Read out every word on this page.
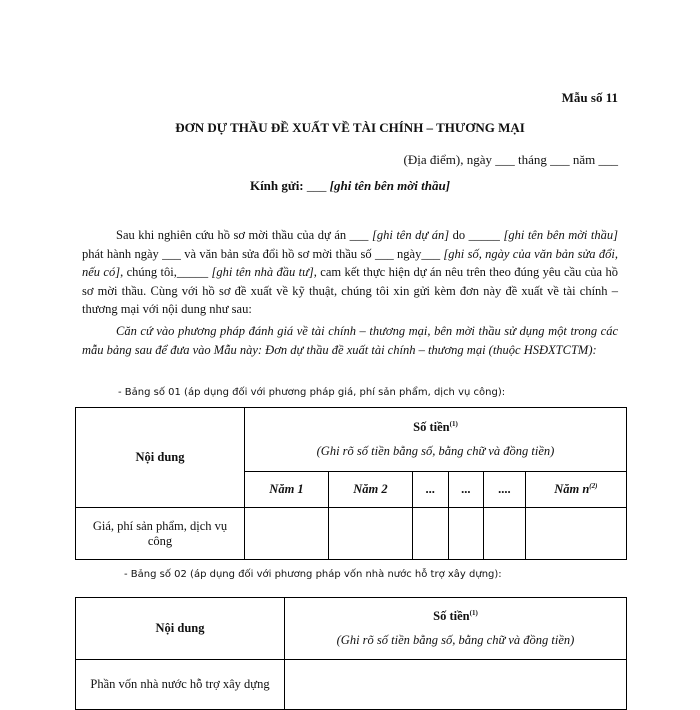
Mẫu số 11
ĐƠN DỰ THẦU ĐỀ XUẤT VỀ TÀI CHÍNH – THƯƠNG MẠI
(Địa điểm), ngày ___ tháng ___ năm ___
Kính gửi: ___ [ghi tên bên mời thầu]

Sau khi nghiên cứu hồ sơ mời thầu của dự án ___ [ghi tên dự án] do _____ [ghi tên bên mời thầu] phát hành ngày ___ và văn bản sửa đổi hồ sơ mời thầu số ___ ngày___ [ghi số, ngày của văn bản sửa đổi, nếu có], chúng tôi,_____ [ghi tên nhà đầu tư], cam kết thực hiện dự án nêu trên theo đúng yêu cầu của hồ sơ mời thầu. Cùng với hồ sơ đề xuất về kỹ thuật, chúng tôi xin gửi kèm đơn này đề xuất về tài chính – thương mại với nội dung như sau:

Căn cứ vào phương pháp đánh giá về tài chính – thương mại, bên mời thầu sử dụng một trong các mẫu bảng sau để đưa vào Mẫu này: Đơn dự thầu đề xuất tài chính – thương mại (thuộc HSĐXTCTM):

- Bảng số 01 (áp dụng đối với phương pháp giá, phí sản phẩm, dịch vụ công):
Nội dung	Số tiền$^{(1)}$
(Ghi rõ số tiền bằng số, bằng chữ và đồng tiền)					

	Năm 1	Năm 2	...	...	....	Năm $n^{(2)}$
Giá, phí sản phẩm, dịch vụ công						
- Bảng số 02 (áp dụng đối với phương pháp vốn nhà nước hỗ trợ xây dựng):
Nội dung	Số tiền$^{(1)}$
(Ghi rõ số tiền bằng số, bằng chữ và đồng tiền)

Phần vốn nhà nước hỗ trợ xây dựng	
